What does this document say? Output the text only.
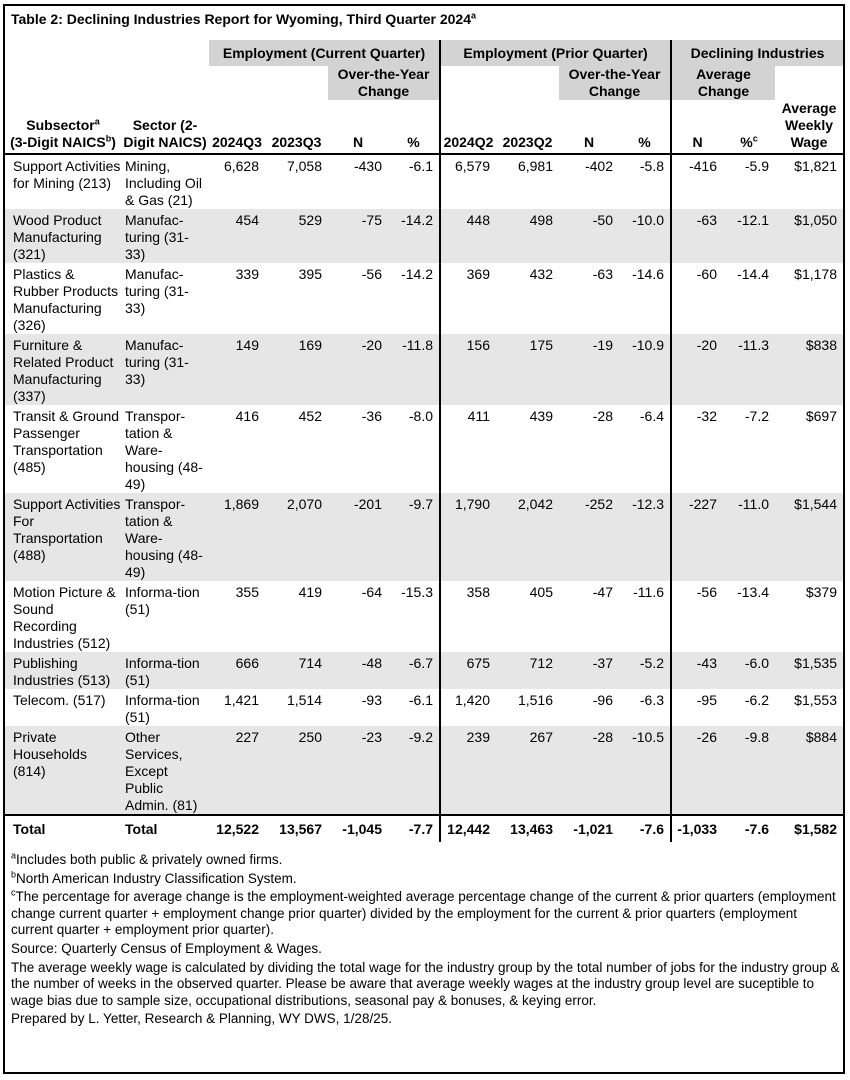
Table 2: Declining Industries Report for Wyoming, Third Quarter 2024$^a$
		Employment (Current Quarter)				Employment (Prior Quarter)				Declining Industries		
				Over-the-Year Change				Over-the-Year Change		Average Change		
Subsector$^a$
(3-Digit NAICS$^b$)	Sector (2-Digit NAICS)	2024Q3	2023Q3	N	%	2024Q2	2023Q2	N	%	N	%$^c$	Average Weekly Wage
Support Activities for Mining (213)	Mining, Including Oil & Gas (21)	6,628	7,058	-430	-6.1	6,579	6,981	-402	-5.8	-416	-5.9	$1,821
Wood Product Manufacturing (321)	Manufac-turing (31-33)	454	529	-75	-14.2	448	498	-50	-10.0	-63	-12.1	$1,050
Plastics & Rubber Products Manufacturing (326)	Manufac-turing (31-33)	339	395	-56	-14.2	369	432	-63	-14.6	-60	-14.4	$1,178
Furniture & Related Product Manufacturing (337)	Manufac-turing (31-33)	149	169	-20	-11.8	156	175	-19	-10.9	-20	-11.3	$838
Transit & Ground Passenger Transportation (485)	Transpor-tation & Ware-housing (48-49)	416	452	-36	-8.0	411	439	-28	-6.4	-32	-7.2	$697
Support Activities For Transportation (488)	Transpor-tation & Ware-housing (48-49)	1,869	2,070	-201	-9.7	1,790	2,042	-252	-12.3	-227	-11.0	$1,544
Motion Picture & Sound Recording Industries (512)	Informa-tion (51)	355	419	-64	-15.3	358	405	-47	-11.6	-56	-13.4	$379
Publishing Industries (513)	Informa-tion (51)	666	714	-48	-6.7	675	712	-37	-5.2	-43	-6.0	$1,535
Telecom. (517)	Informa-tion (51)	1,421	1,514	-93	-6.1	1,420	1,516	-96	-6.3	-95	-6.2	$1,553
Private Households (814)	Other Services, Except Public Admin. (81)	227	250	-23	-9.2	239	267	-28	-10.5	-26	-9.8	$884
Total	Total	12,522	13,567	-1,045	-7.7	12,442	13,463	-1,021	-7.6	-1,033	-7.6	$1,582

$^a$Includes both public & privately owned firms.

$^b$North American Industry Classification System.

$^c$The percentage for average change is the employment-weighted average percentage change of the current & prior quarters (employment change current quarter + employment change prior quarter) divided by the employment for the current & prior quarters (employment current quarter + employment prior quarter).

Source: Quarterly Census of Employment & Wages.

The average weekly wage is calculated by dividing the total wage for the industry group by the total number of jobs for the industry group & the number of weeks in the observed quarter. Please be aware that average weekly wages at the industry group level are suceptible to wage bias due to sample size, occupational distributions, seasonal pay & bonuses, & keying error.

Prepared by L. Yetter, Research & Planning, WY DWS, 1/28/25.
